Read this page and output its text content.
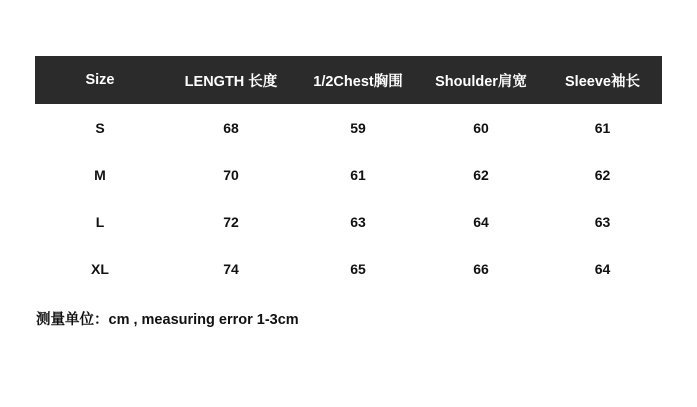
Size	LENGTH 长度	1/2Chest胸围	Shoulder肩宽	Sleeve袖长
S	68	59	60	61
M	70	61	62	62
L	72	63	64	63
XL	74	65	66	64
测量单位：cm , measuring error 1-3cm
